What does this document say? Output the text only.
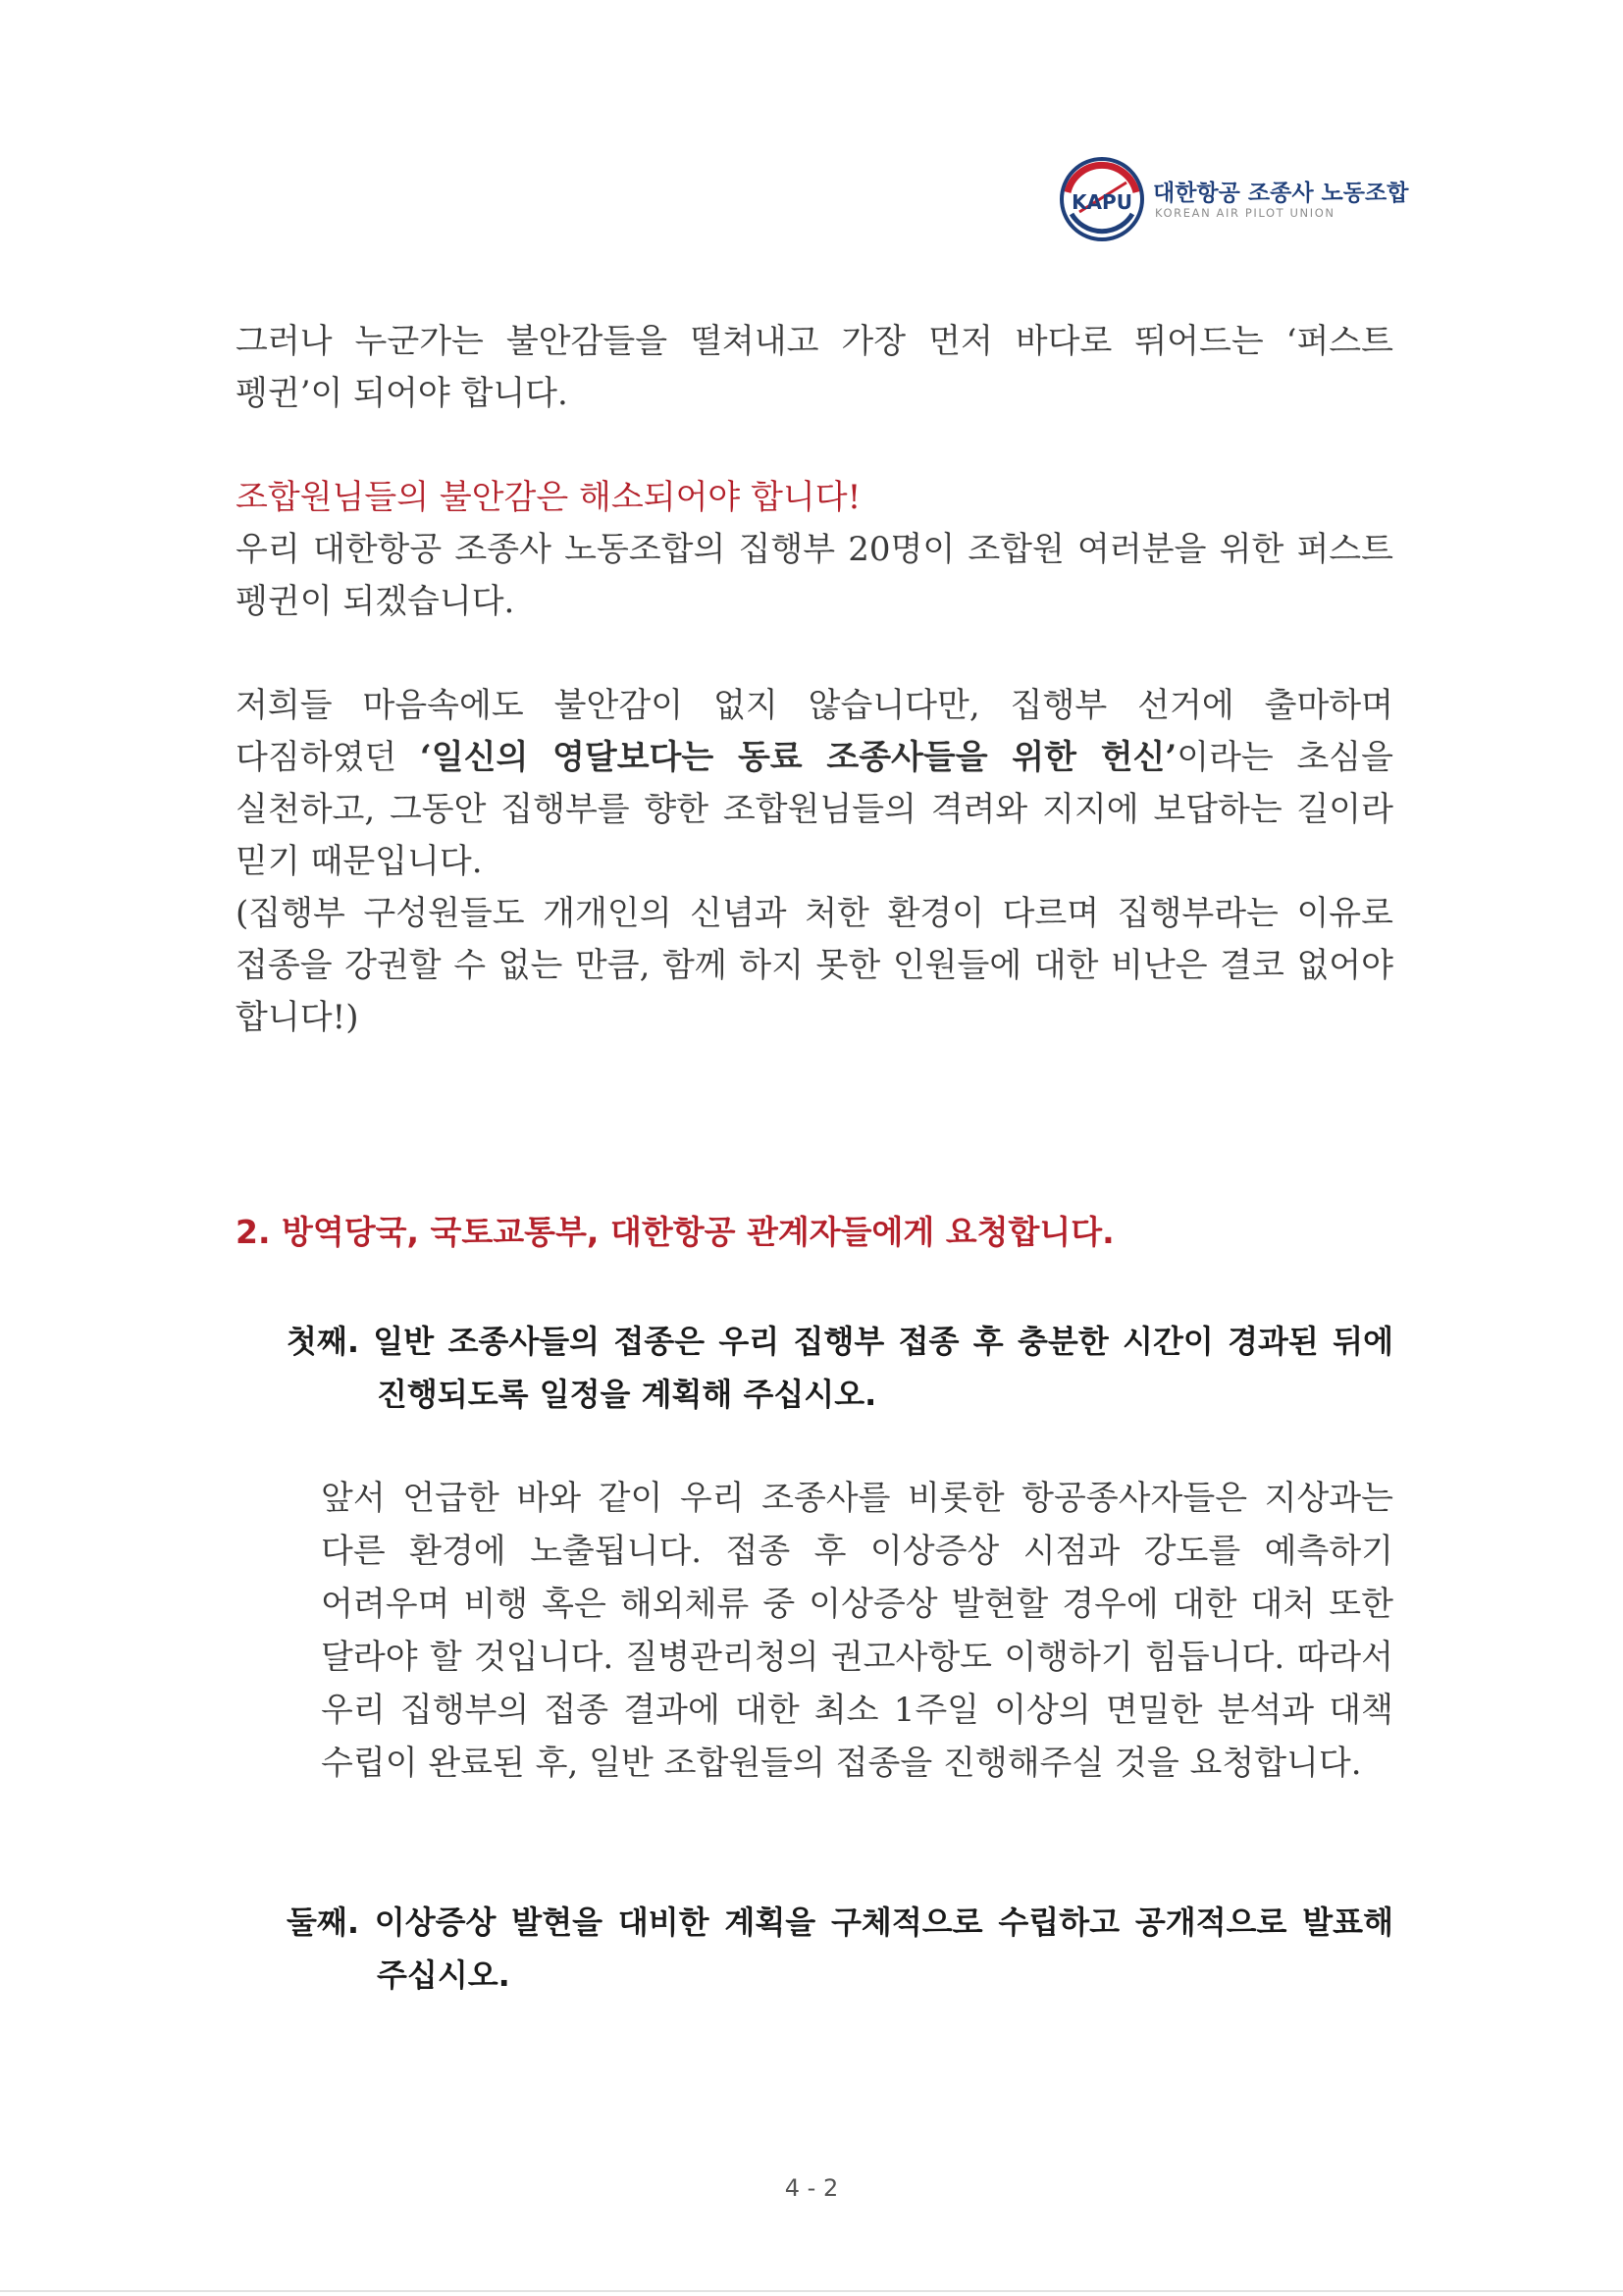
KAPU 대한항공 조종사 노동조합
KOREAN AIR PILOT UNION

그러나 누군가는 불안감들을 떨쳐내고 가장 먼저 바다로 뛰어드는 ‘퍼스트 펭귄’이 되어야 합니다.

조합원님들의 불안감은 해소되어야 합니다!

우리 대한항공 조종사 노동조합의 집행부 20명이 조합원 여러분을 위한 퍼스트 펭귄이 되겠습니다.

저희들 마음속에도 불안감이 없지 않습니다만, 집행부 선거에 출마하며 다짐하였던 ‘일신의 영달보다는 동료 조종사들을 위한 헌신’이라는 초심을 실천하고, 그동안 집행부를 향한 조합원님들의 격려와 지지에 보답하는 길이라 믿기 때문입니다.

(집행부 구성원들도 개개인의 신념과 처한 환경이 다르며 집행부라는 이유로 접종을 강권할 수 없는 만큼, 함께 하지 못한 인원들에 대한 비난은 결코 없어야 합니다!)

2. 방역당국, 국토교통부, 대한항공 관계자들에게 요청합니다.

첫째. 일반 조종사들의 접종은 우리 집행부 접종 후 충분한 시간이 경과된 뒤에 진행되도록 일정을 계획해 주십시오.

앞서 언급한 바와 같이 우리 조종사를 비롯한 항공종사자들은 지상과는 다른 환경에 노출됩니다. 접종 후 이상증상 시점과 강도를 예측하기 어려우며 비행 혹은 해외체류 중 이상증상 발현할 경우에 대한 대처 또한 달라야 할 것입니다. 질병관리청의 권고사항도 이행하기 힘듭니다. 따라서 우리 집행부의 접종 결과에 대한 최소 1주일 이상의 면밀한 분석과 대책 수립이 완료된 후, 일반 조합원들의 접종을 진행해주실 것을 요청합니다.

둘째. 이상증상 발현을 대비한 계획을 구체적으로 수립하고 공개적으로 발표해 주십시오.

4 - 2
